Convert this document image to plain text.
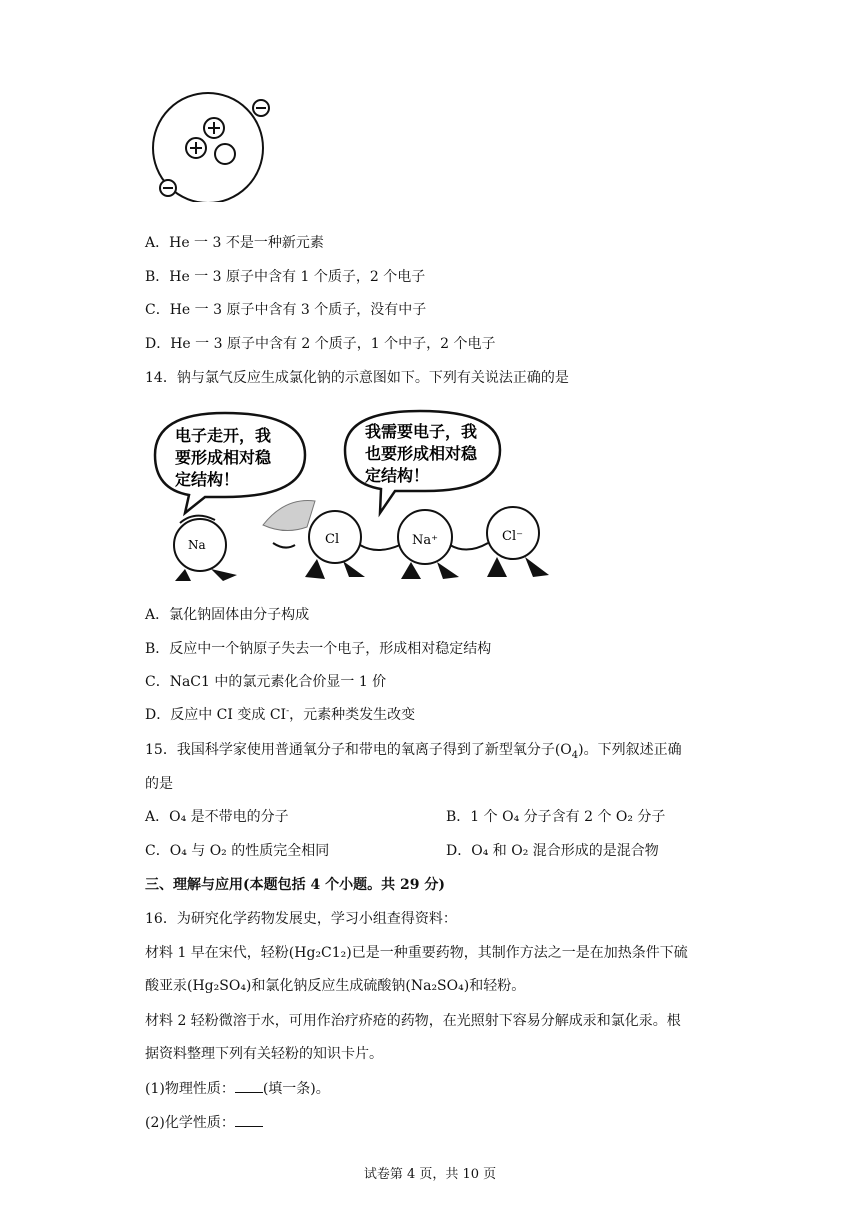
A．He 一 3 不是一种新元素
B．He 一 3 原子中含有 1 个质子，2 个电子
C．He 一 3 原子中含有 3 个质子，没有中子
D．He 一 3 原子中含有 2 个质子，1 个中子，2 个电子
14．钠与氯气反应生成氯化钠的示意图如下。下列有关说法正确的是
电子走开，我
要形成相对稳
定结构！
我需要电子，我
也要形成相对稳
定结构！
Na	Cl	Na⁺	Cl⁻
A．氯化钠固体由分子构成
B．反应中一个钠原子失去一个电子，形成相对稳定结构
C．NaC1 中的氯元素化合价显一 1 价
D．反应中 CI 变成 CI-，元素种类发生改变
15．我国科学家使用普通氧分子和带电的氧离子得到了新型氧分子$(O_4)$。下列叙述正确
的是
A．O₄ 是不带电的分子	B．1 个 O₄ 分子含有 2 个 O₂ 分子
C．O₄ 与 O₂ 的性质完全相同	D．O₄ 和 O₂ 混合形成的是混合物
三、理解与应用(本题包括 4 个小题。共 29 分)
16．为研究化学药物发展史，学习小组查得资料：
材料 1 早在宋代，轻粉(Hg₂C1₂)已是一种重要药物，其制作方法之一是在加热条件下硫
酸亚汞(Hg₂SO₄)和氯化钠反应生成硫酸钠(Na₂SO₄)和轻粉。
材料 2 轻粉微溶于水，可用作治疗疥疮的药物，在光照射下容易分解成汞和氯化汞。根
据资料整理下列有关轻粉的知识卡片。
(1)物理性质： (填一条)。
(2)化学性质：
试卷第 4 页，共 10 页
